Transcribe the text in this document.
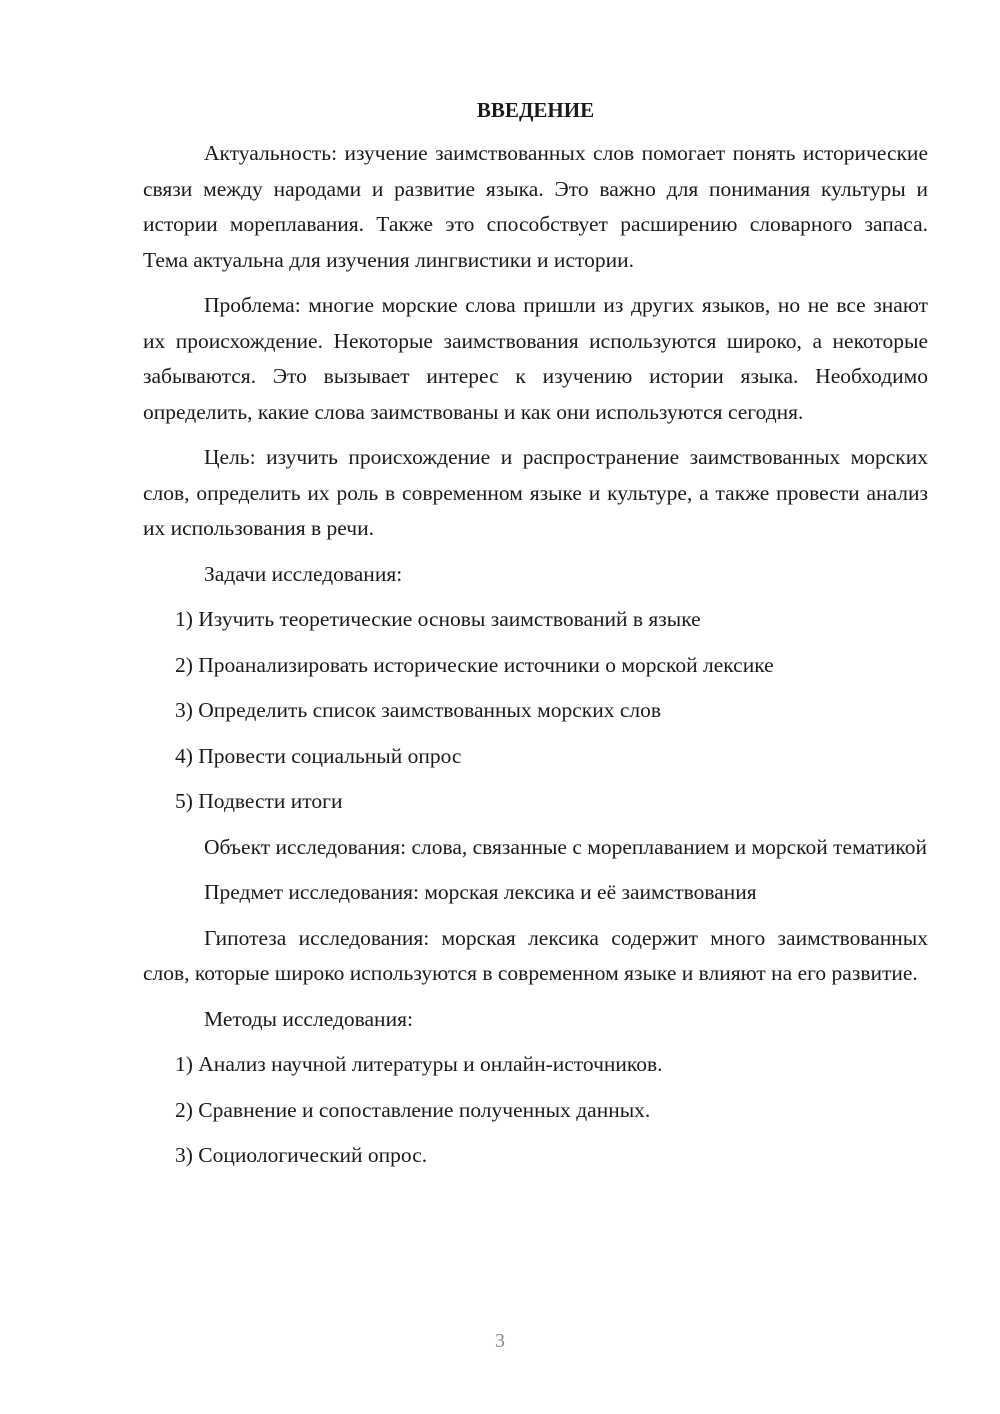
ВВЕДЕНИЕ

Актуальность: изучение заимствованных слов помогает понять исторические связи между народами и развитие языка. Это важно для понимания культуры и истории мореплавания. Также это способствует расширению словарного запаса. Тема актуальна для изучения лингвистики и истории.

Проблема: многие морские слова пришли из других языков, но не все знают их происхождение. Некоторые заимствования используются широко, а некоторые забываются. Это вызывает интерес к изучению истории языка. Необходимо определить, какие слова заимствованы и как они используются сегодня.

Цель: изучить происхождение и распространение заимствованных морских слов, определить их роль в современном языке и культуре, а также провести анализ их использования в речи.

Задачи исследования:

1) Изучить теоретические основы заимствований в языке

2) Проанализировать исторические источники о морской лексике

3) Определить список заимствованных морских слов

4) Провести социальный опрос

5) Подвести итоги

Объект исследования: слова, связанные с мореплаванием и морской тематикой

Предмет исследования: морская лексика и её заимствования

Гипотеза исследования: морская лексика содержит много заимствованных слов, которые широко используются в современном языке и влияют на его развитие.

Методы исследования:

1) Анализ научной литературы и онлайн-источников.

2) Сравнение и сопоставление полученных данных.

3) Социологический опрос.

3
